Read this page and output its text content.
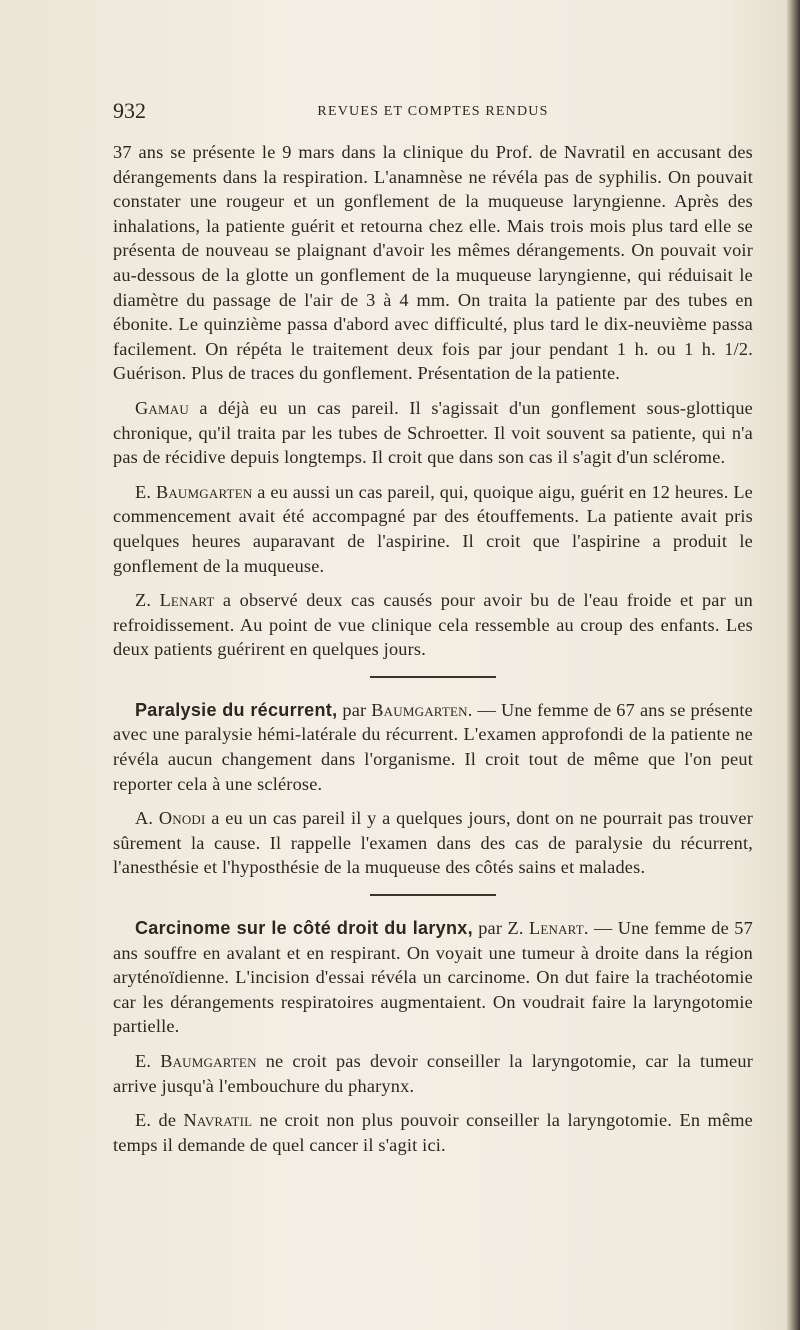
932	REVUES ET COMPTES RENDUS

37 ans se présente le 9 mars dans la clinique du Prof. de Navratil en accusant des dérangements dans la respiration. L'anamnèse ne révéla pas de syphilis. On pouvait constater une rougeur et un gonflement de la muqueuse laryngienne. Après des inhalations, la patiente guérit et retourna chez elle. Mais trois mois plus tard elle se présenta de nouveau se plaignant d'avoir les mêmes dérangements. On pouvait voir au-dessous de la glotte un gonflement de la muqueuse laryngienne, qui réduisait le diamètre du passage de l'air de 3 à 4 mm. On traita la patiente par des tubes en ébonite. Le quinzième passa d'abord avec difficulté, plus tard le dix-neuvième passa facilement. On répéta le traitement deux fois par jour pendant 1 h. ou 1 h. 1/2. Guérison. Plus de traces du gonflement. Présentation de la patiente.

Gamau a déjà eu un cas pareil. Il s'agissait d'un gonflement sous-glottique chronique, qu'il traita par les tubes de Schroetter. Il voit souvent sa patiente, qui n'a pas de récidive depuis longtemps. Il croit que dans son cas il s'agit d'un sclérome.

E. Baumgarten a eu aussi un cas pareil, qui, quoique aigu, guérit en 12 heures. Le commencement avait été accompagné par des étouffements. La patiente avait pris quelques heures auparavant de l'aspirine. Il croit que l'aspirine a produit le gonflement de la muqueuse.

Z. Lenart a observé deux cas causés pour avoir bu de l'eau froide et par un refroidissement. Au point de vue clinique cela ressemble au croup des enfants. Les deux patients guérirent en quelques jours.

Paralysie du récurrent, par Baumgarten. — Une femme de 67 ans se présente avec une paralysie hémi-latérale du récurrent. L'examen approfondi de la patiente ne révéla aucun changement dans l'organisme. Il croit tout de même que l'on peut reporter cela à une sclérose.

A. Onodi a eu un cas pareil il y a quelques jours, dont on ne pourrait pas trouver sûrement la cause. Il rappelle l'examen dans des cas de paralysie du récurrent, l'anesthésie et l'hyposthésie de la muqueuse des côtés sains et malades.

Carcinome sur le côté droit du larynx, par Z. Lenart. — Une femme de 57 ans souffre en avalant et en respirant. On voyait une tumeur à droite dans la région aryténoïdienne. L'incision d'essai révéla un carcinome. On dut faire la trachéotomie car les dérangements respiratoires augmentaient. On voudrait faire la laryngotomie partielle.

E. Baumgarten ne croit pas devoir conseiller la laryngotomie, car la tumeur arrive jusqu'à l'embouchure du pharynx.

E. de Navratil ne croit non plus pouvoir conseiller la laryngotomie. En même temps il demande de quel cancer il s'agit ici.
